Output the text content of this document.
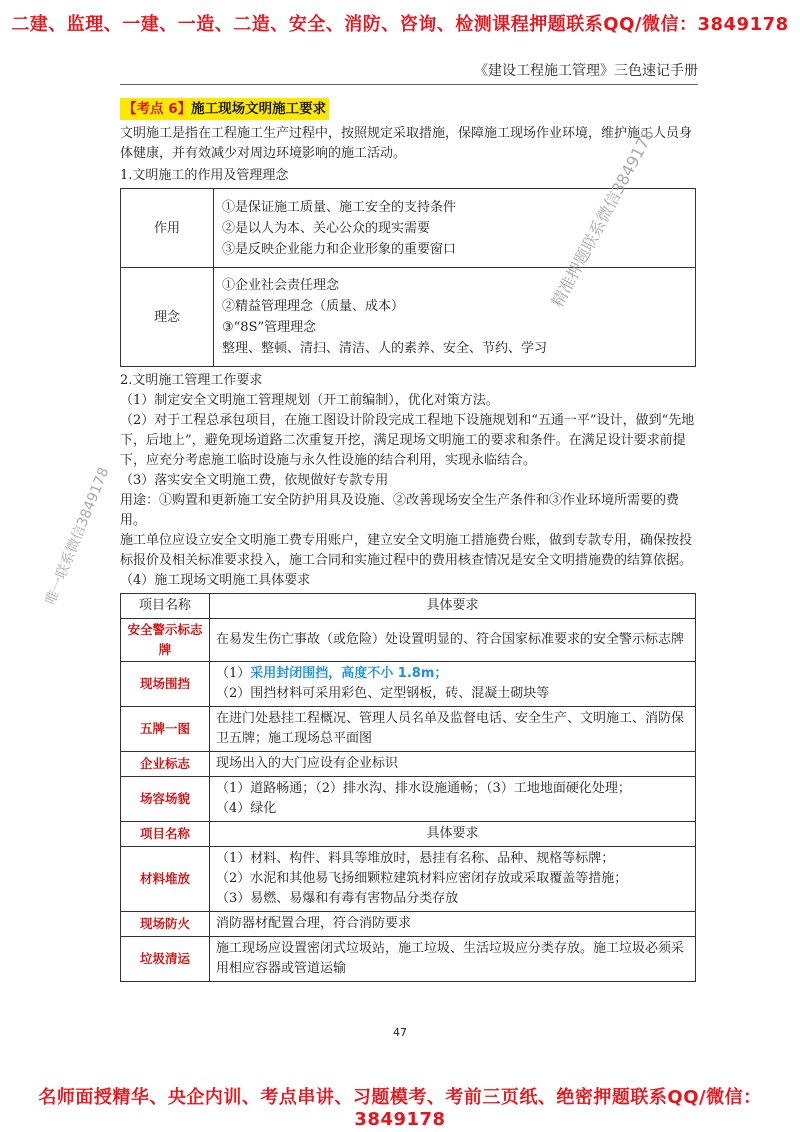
二建、监理、一建、一造、二造、安全、消防、咨询、检测课程押题联系QQ/微信：3849178
《建设工程施工管理》三色速记手册
【考点 6】施工现场文明施工要求

文明施工是指在工程施工生产过程中，按照规定采取措施，保障施工现场作业环境，维护施工人员身体健康，并有效减少对周边环境影响的施工活动。

1.文明施工的作用及管理理念

作用	①是保证施工质量、施工安全的支持条件
②是以人为本、关心公众的现实需要
③是反映企业能力和企业形象的重要窗口

理念	①企业社会责任理念
②精益管理理念（质量、成本）
③“8S”管理理念
整理、整顿、清扫、清洁、人的素养、安全、节约、学习

2.文明施工管理工作要求

（1）制定安全文明施工管理规划（开工前编制），优化对策方法。

（2）对于工程总承包项目，在施工图设计阶段完成工程地下设施规划和“五通一平”设计，做到“先地下，后地上”，避免现场道路二次重复开挖，满足现场文明施工的要求和条件。在满足设计要求前提下，应充分考虑施工临时设施与永久性设施的结合利用，实现永临结合。

（3）落实安全文明施工费，依规做好专款专用

用途：①购置和更新施工安全防护用具及设施、②改善现场安全生产条件和③作业环境所需要的费用。

施工单位应设立安全文明施工费专用账户，建立安全文明施工措施费台账，做到专款专用，确保按投标报价及相关标准要求投入，施工合同和实施过程中的费用核查情况是安全文明措施费的结算依据。

（4）施工现场文明施工具体要求

项目名称	具体要求
安全警示标志牌	在易发生伤亡事故（或危险）处设置明显的、符合国家标准要求的安全警示标志牌
现场围挡	（1）采用封闭围挡，高度不小 1.8m；
（2）围挡材料可采用彩色、定型钢板，砖、混凝土砌块等

五牌一图	在进门处悬挂工程概况、管理人员名单及监督电话、安全生产、文明施工、消防保卫五牌；施工现场总平面图
企业标志	现场出入的大门应设有企业标识
场容场貌	（1）道路畅通；（2）排水沟、排水设施通畅；（3）工地地面硬化处理；
（4）绿化

项目名称	具体要求
材料堆放	（1）材料、构件、料具等堆放时，悬挂有名称、品种、规格等标牌；
（2）水泥和其他易飞扬细颗粒建筑材料应密闭存放或采取覆盖等措施；
（3）易燃、易爆和有毒有害物品分类存放

现场防火	消防器材配置合理，符合消防要求
垃圾清运	施工现场应设置密闭式垃圾站，施工垃圾、生活垃圾应分类存放。施工垃圾必须采用相应容器或管道运输
精准押题联系微信3849178
唯一联系微信3849178
47
名师面授精华、央企内训、考点串讲、习题模考、考前三页纸、绝密押题联系QQ/微信：3849178
